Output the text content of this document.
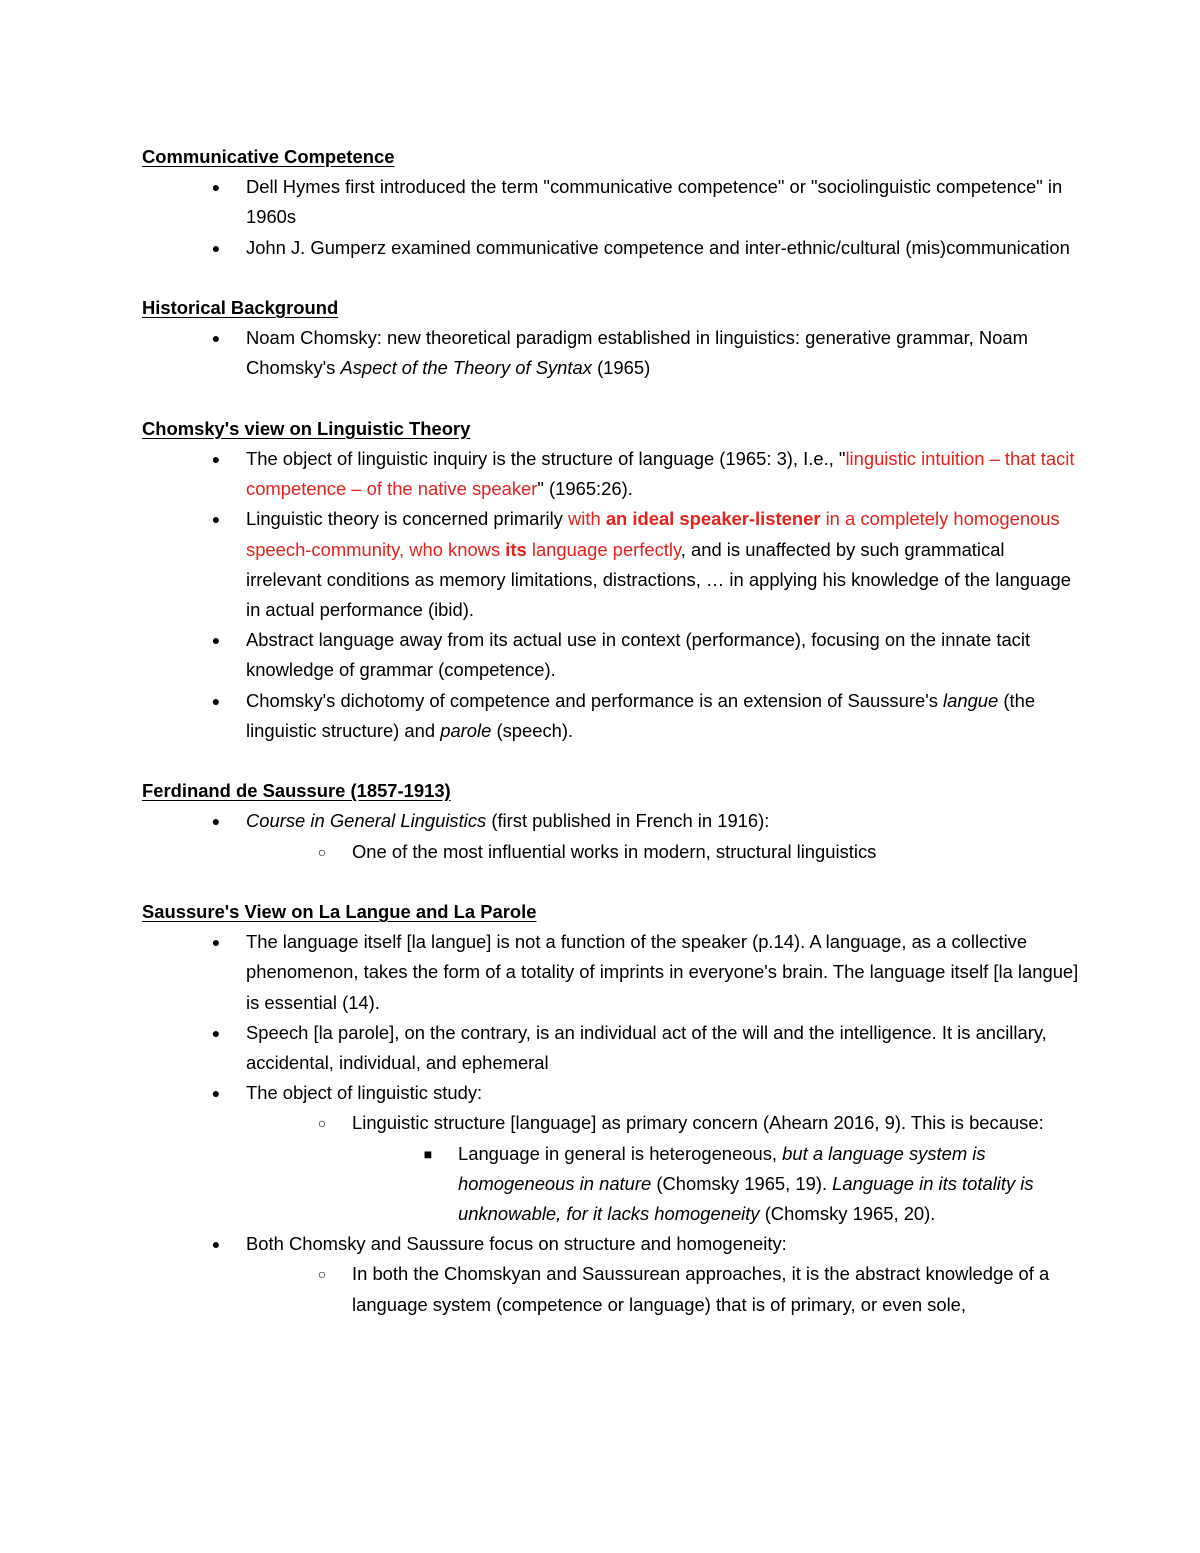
Communicative Competence

●	Dell Hymes first introduced the term "communicative competence" or "sociolinguistic competence" in 1960s
●	John J. Gumperz examined communicative competence and inter-ethnic/cultural (mis)communication

Historical Background

●	Noam Chomsky: new theoretical paradigm established in linguistics: generative grammar, Noam Chomsky's Aspect of the Theory of Syntax (1965)

Chomsky's view on Linguistic Theory

●	The object of linguistic inquiry is the structure of language (1965: 3), I.e., "linguistic intuition – that tacit competence – of the native speaker" (1965:26).
●	Linguistic theory is concerned primarily with an ideal speaker-listener in a completely homogenous speech-community, who knows its language perfectly, and is unaffected by such grammatical irrelevant conditions as memory limitations, distractions, … in applying his knowledge of the language in actual performance (ibid).
●	Abstract language away from its actual use in context (performance), focusing on the innate tacit knowledge of grammar (competence).
●	Chomsky's dichotomy of competence and performance is an extension of Saussure's langue (the linguistic structure) and parole (speech).

Ferdinand de Saussure (1857-1913)

●	Course in General Linguistics (first published in French in 1916):
○	One of the most influential works in modern, structural linguistics

Saussure's View on La Langue and La Parole

●	The language itself [la langue] is not a function of the speaker (p.14). A language, as a collective phenomenon, takes the form of a totality of imprints in everyone's brain. The language itself [la langue] is essential (14).
●	Speech [la parole], on the contrary, is an individual act of the will and the intelligence. It is ancillary, accidental, individual, and ephemeral
●	The object of linguistic study:
○	Linguistic structure [language] as primary concern (Ahearn 2016, 9). This is because:
■	Language in general is heterogeneous, but a language system is homogeneous in nature (Chomsky 1965, 19). Language in its totality is unknowable, for it lacks homogeneity (Chomsky 1965, 20).
●	Both Chomsky and Saussure focus on structure and homogeneity:
○	In both the Chomskyan and Saussurean approaches, it is the abstract knowledge of a language system (competence or language) that is of primary, or even sole,
